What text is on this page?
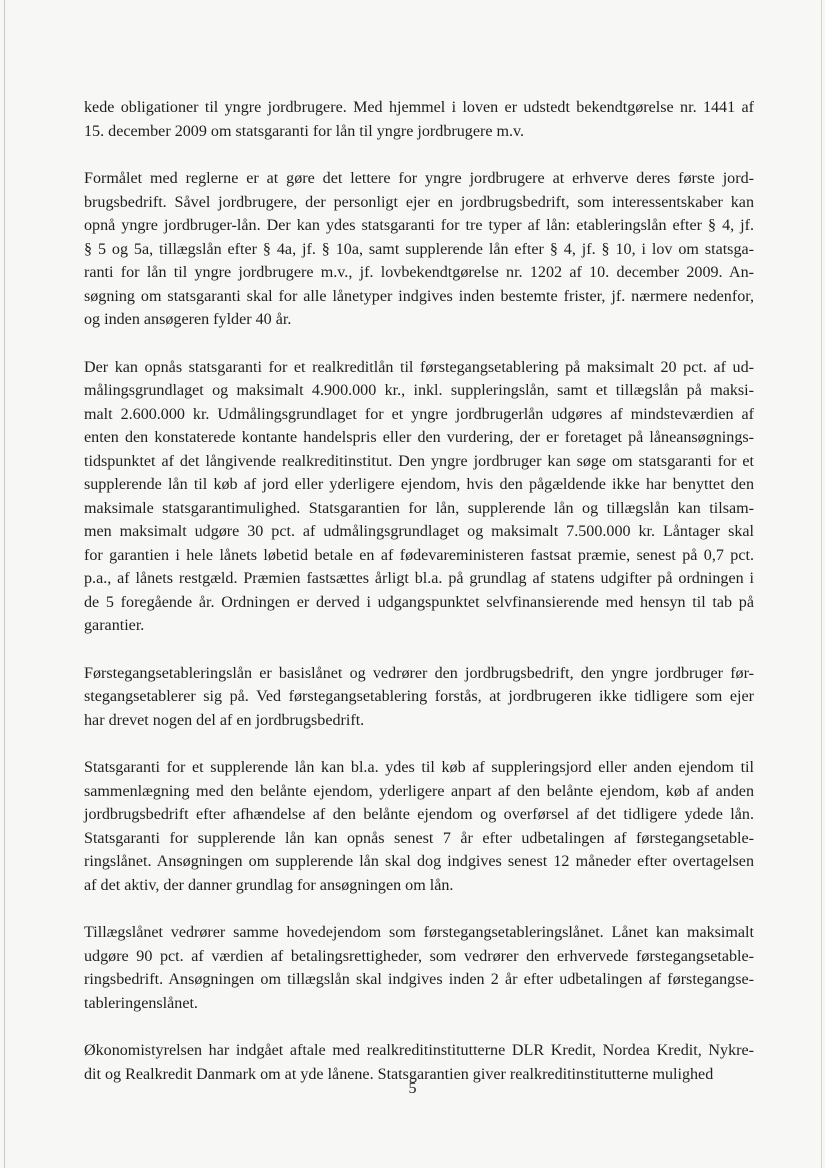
kede obligationer til yngre jordbrugere. Med hjemmel i loven er udstedt bekendtgørelse nr. 1441 af
15. december 2009 om statsgaranti for lån til yngre jordbrugere m.v.

Formålet med reglerne er at gøre det lettere for yngre jordbrugere at erhverve deres første jord-
brugsbedrift. Såvel jordbrugere, der personligt ejer en jordbrugsbedrift, som interessentskaber kan
opnå yngre jordbruger-lån. Der kan ydes statsgaranti for tre typer af lån: etableringslån efter § 4, jf.
§ 5 og 5a, tillægslån efter § 4a, jf. § 10a, samt supplerende lån efter § 4, jf. § 10, i lov om statsga-
ranti for lån til yngre jordbrugere m.v., jf. lovbekendtgørelse nr. 1202 af 10. december 2009. An-
søgning om statsgaranti skal for alle lånetyper indgives inden bestemte frister, jf. nærmere nedenfor,
og inden ansøgeren fylder 40 år.

Der kan opnås statsgaranti for et realkreditlån til førstegangsetablering på maksimalt 20 pct. af ud-
målingsgrundlaget og maksimalt 4.900.000 kr., inkl. suppleringslån, samt et tillægslån på maksi-
malt 2.600.000 kr. Udmålingsgrundlaget for et yngre jordbrugerlån udgøres af mindsteværdien af
enten den konstaterede kontante handelspris eller den vurdering, der er foretaget på låneansøgnings-
tidspunktet af det långivende realkreditinstitut. Den yngre jordbruger kan søge om statsgaranti for et
supplerende lån til køb af jord eller yderligere ejendom, hvis den pågældende ikke har benyttet den
maksimale statsgarantimulighed. Statsgarantien for lån, supplerende lån og tillægslån kan tilsam-
men maksimalt udgøre 30 pct. af udmålingsgrundlaget og maksimalt 7.500.000 kr. Låntager skal
for garantien i hele lånets løbetid betale en af fødevareministeren fastsat præmie, senest på 0,7 pct.
p.a., af lånets restgæld. Præmien fastsættes årligt bl.a. på grundlag af statens udgifter på ordningen i
de 5 foregående år. Ordningen er derved i udgangspunktet selvfinansierende med hensyn til tab på
garantier.

Førstegangsetableringslån er basislånet og vedrører den jordbrugsbedrift, den yngre jordbruger før-
stegangsetablerer sig på. Ved førstegangsetablering forstås, at jordbrugeren ikke tidligere som ejer
har drevet nogen del af en jordbrugsbedrift.

Statsgaranti for et supplerende lån kan bl.a. ydes til køb af suppleringsjord eller anden ejendom til
sammenlægning med den belånte ejendom, yderligere anpart af den belånte ejendom, køb af anden
jordbrugsbedrift efter afhændelse af den belånte ejendom og overførsel af det tidligere ydede lån.
Statsgaranti for supplerende lån kan opnås senest 7 år efter udbetalingen af førstegangsetable-
ringslånet. Ansøgningen om supplerende lån skal dog indgives senest 12 måneder efter overtagelsen
af det aktiv, der danner grundlag for ansøgningen om lån.

Tillægslånet vedrører samme hovedejendom som førstegangsetableringslånet. Lånet kan maksimalt
udgøre 90 pct. af værdien af betalingsrettigheder, som vedrører den erhvervede førstegangsetable-
ringsbedrift. Ansøgningen om tillægslån skal indgives inden 2 år efter udbetalingen af førstegangse-
tableringenslånet.

Økonomistyrelsen har indgået aftale med realkreditinstitutterne DLR Kredit, Nordea Kredit, Nykre-
dit og Realkredit Danmark om at yde lånene. Statsgarantien giver realkreditinstitutterne mulighed

5
